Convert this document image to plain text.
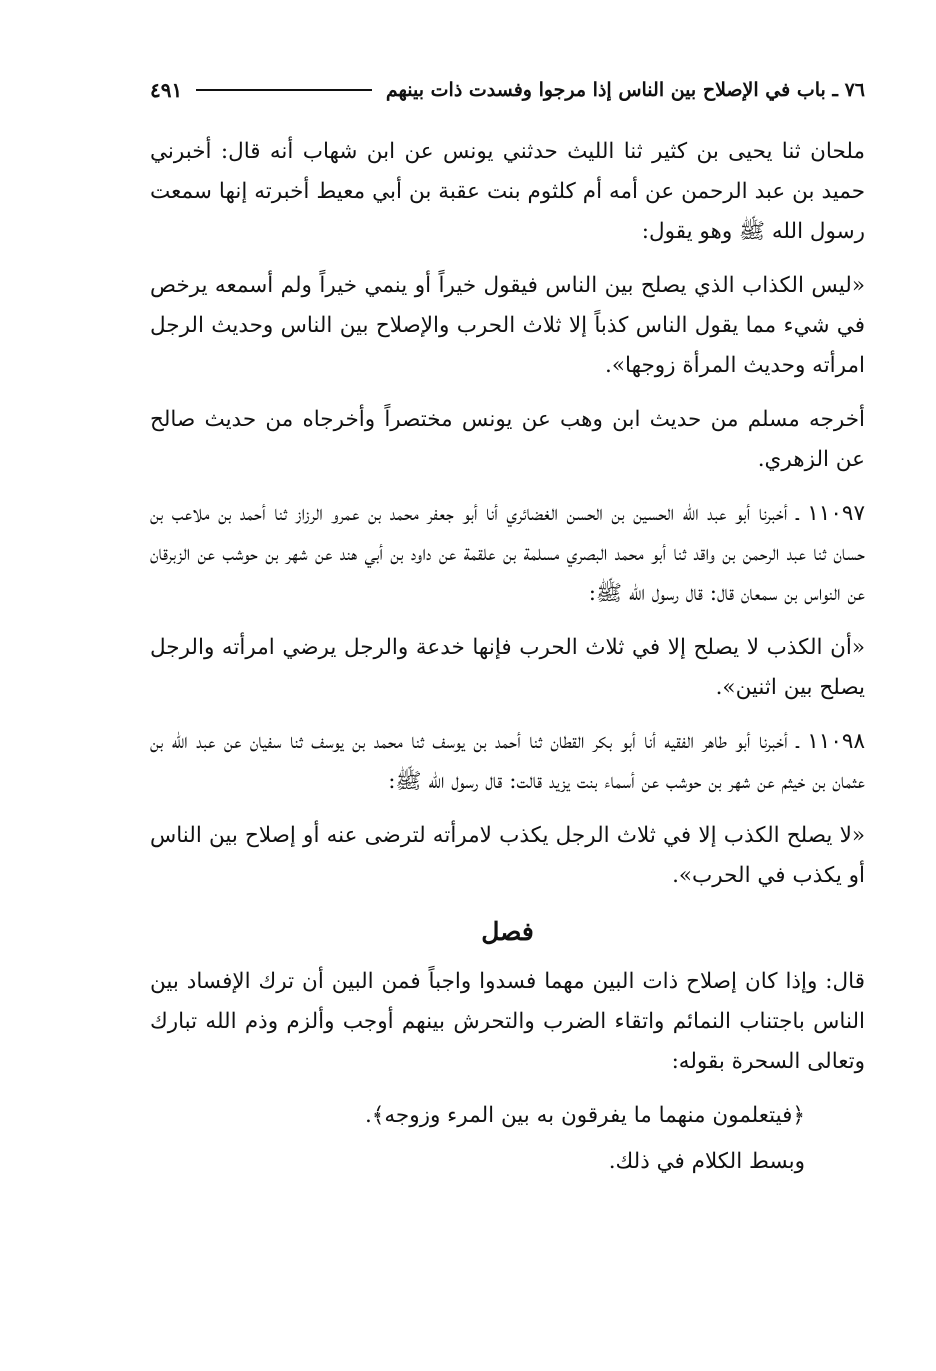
٧٦ ـ باب في الإصلاح بين الناس إذا مرجوا وفسدت ذات بينهم
٤٩١

ملحان ثنا يحيى بن كثير ثنا الليث حدثني يونس عن ابن شهاب أنه قال: أخبرني حميد بن عبد الرحمن عن أمه أم كلثوم بنت عقبة بن أبي معيط أخبرته إنها سمعت رسول الله ﷺ وهو يقول:

«ليس الكذاب الذي يصلح بين الناس فيقول خيراً أو ينمي خيراً ولم أسمعه يرخص في شيء مما يقول الناس كذباً إلا ثلاث الحرب والإصلاح بين الناس وحديث الرجل امرأته وحديث المرأة زوجها».

أخرجه مسلم من حديث ابن وهب عن يونس مختصراً وأخرجاه من حديث صالح عن الزهري.

١١٠٩٧ ـ أخبرنا أبو عبد الله الحسين بن الحسن الغضائري أنا أبو جعفر محمد بن عمرو الرزاز ثنا أحمد بن ملاعب بن حسان ثنا عبد الرحمن بن واقد ثنا أبو محمد البصري مسلمة بن علقمة عن داود بن أبي هند عن شهر بن حوشب عن الزبرقان عن النواس بن سمعان قال: قال رسول الله ﷺ:

«أن الكذب لا يصلح إلا في ثلاث الحرب فإنها خدعة والرجل يرضي امرأته والرجل يصلح بين اثنين».

١١٠٩٨ ـ أخبرنا أبو طاهر الفقيه أنا أبو بكر القطان ثنا أحمد بن يوسف ثنا محمد بن يوسف ثنا سفيان عن عبد الله بن عثمان بن خيثم عن شهر بن حوشب عن أسماء بنت يزيد قالت: قال رسول الله ﷺ:

«لا يصلح الكذب إلا في ثلاث الرجل يكذب لامرأته لترضى عنه أو إصلاح بين الناس أو يكذب في الحرب».

فصل

قال: وإذا كان إصلاح ذات البين مهما فسدوا واجباً فمن البين أن ترك الإفساد بين الناس باجتناب النمائم واتقاء الضرب والتحرش بينهم أوجب وألزم وذم الله تبارك وتعالى السحرة بقوله:

﴿فيتعلمون منهما ما يفرقون به بين المرء وزوجه﴾.

وبسط الكلام في ذلك.
